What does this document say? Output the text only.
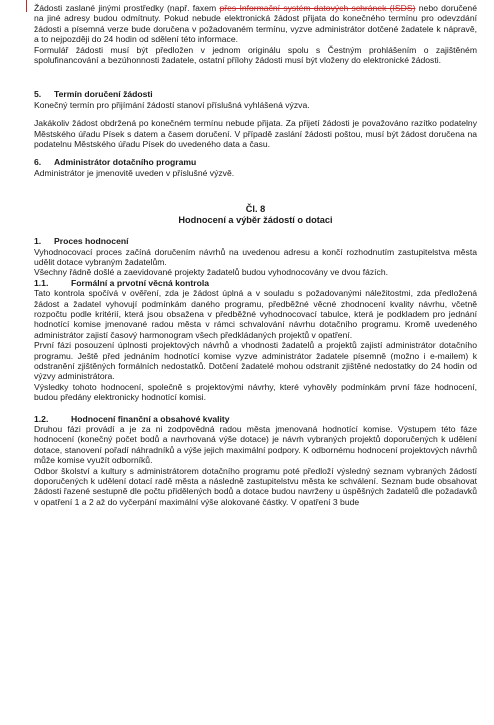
Žádosti zaslané jinými prostředky (např. faxem přes Informační systém datových schránek (ISDS) nebo doručené na jiné adresy budou odmítnuty. Pokud nebude elektronická žádost přijata do konečného termínu pro odevzdání žádosti a písemná verze bude doručena v požadovaném termínu, vyzve administrátor dotčené žadatele k nápravě, a to nejpozději do 24 hodin od sdělení této informace.

Formulář žádosti musí být předložen v jednom originálu spolu s Čestným prohlášením o zajištěném spolufinancování a bezúhonnosti žadatele, ostatní přílohy žádosti musí být vloženy do elektronické žádosti.

5. Termín doručení žádosti

Konečný termín pro přijímání žádostí stanoví příslušná vyhlášená výzva.

Jakákoliv žádost obdržená po konečném termínu nebude přijata. Za přijetí žádosti je považováno razítko podatelny Městského úřadu Písek s datem a časem doručení. V případě zaslání žádosti poštou, musí být žádost doručena na podatelnu Městského úřadu Písek do uvedeného data a času.

6. Administrátor dotačního programu

Administrátor je jmenovitě uveden v příslušné výzvě.

Čl. 8

Hodnocení a výběr žádostí o dotaci

1. Proces hodnocení

Vyhodnocovací proces začíná doručením návrhů na uvedenou adresu a končí rozhodnutím zastupitelstva města udělit dotace vybraným žadatelům.

Všechny řádně došlé a zaevidované projekty žadatelů budou vyhodnocovány ve dvou fázích.

1.1.	Formální a prvotní věcná kontrola

Tato kontrola spočívá v ověření, zda je žádost úplná a v souladu s požadovanými náležitostmi, zda předložená žádost a žadatel vyhovují podmínkám daného programu, předběžné věcné zhodnocení kvality návrhu, včetně rozpočtu podle kritérií, která jsou obsažena v předběžné vyhodnocovací tabulce, která je podkladem pro jednání hodnotící komise jmenované radou města v rámci schvalování návrhu dotačního programu. Kromě uvedeného administrátor zajistí časový harmonogram všech předkládaných projektů v opatření.

První fázi posouzení úplnosti projektových návrhů a vhodnosti žadatelů a projektů zajistí administrátor dotačního programu. Ještě před jednáním hodnotící komise vyzve administrátor žadatele písemně (možno i e-mailem) k odstranění zjištěných formálních nedostatků. Dotčení žadatelé mohou odstranit zjištěné nedostatky do 24 hodin od výzvy administrátora.

Výsledky tohoto hodnocení, společně s projektovými návrhy, které vyhověly podmínkám první fáze hodnocení, budou předány elektronicky hodnotící komisi.

1.2.	Hodnocení finanční a obsahové kvality

Druhou fázi provádí a je za ni zodpovědná radou města jmenovaná hodnotící komise. Výstupem této fáze hodnocení (konečný počet bodů a navrhovaná výše dotace) je návrh vybraných projektů doporučených k udělení dotace, stanovení pořadí náhradníků a výše jejich maximální podpory. K odbornému hodnocení projektových návrhů může komise využít odborníků.

Odbor školství a kultury s administrátorem dotačního programu poté předloží výsledný seznam vybraných žádostí doporučených k udělení dotací radě města a následně zastupitelstvu města ke schválení. Seznam bude obsahovat žádosti řazené sestupně dle počtu přidělených bodů a dotace budou navrženy u úspěšných žadatelů dle požadavků v opatření 1 a 2 až do vyčerpání maximální výše alokované částky. V opatření 3 bude
